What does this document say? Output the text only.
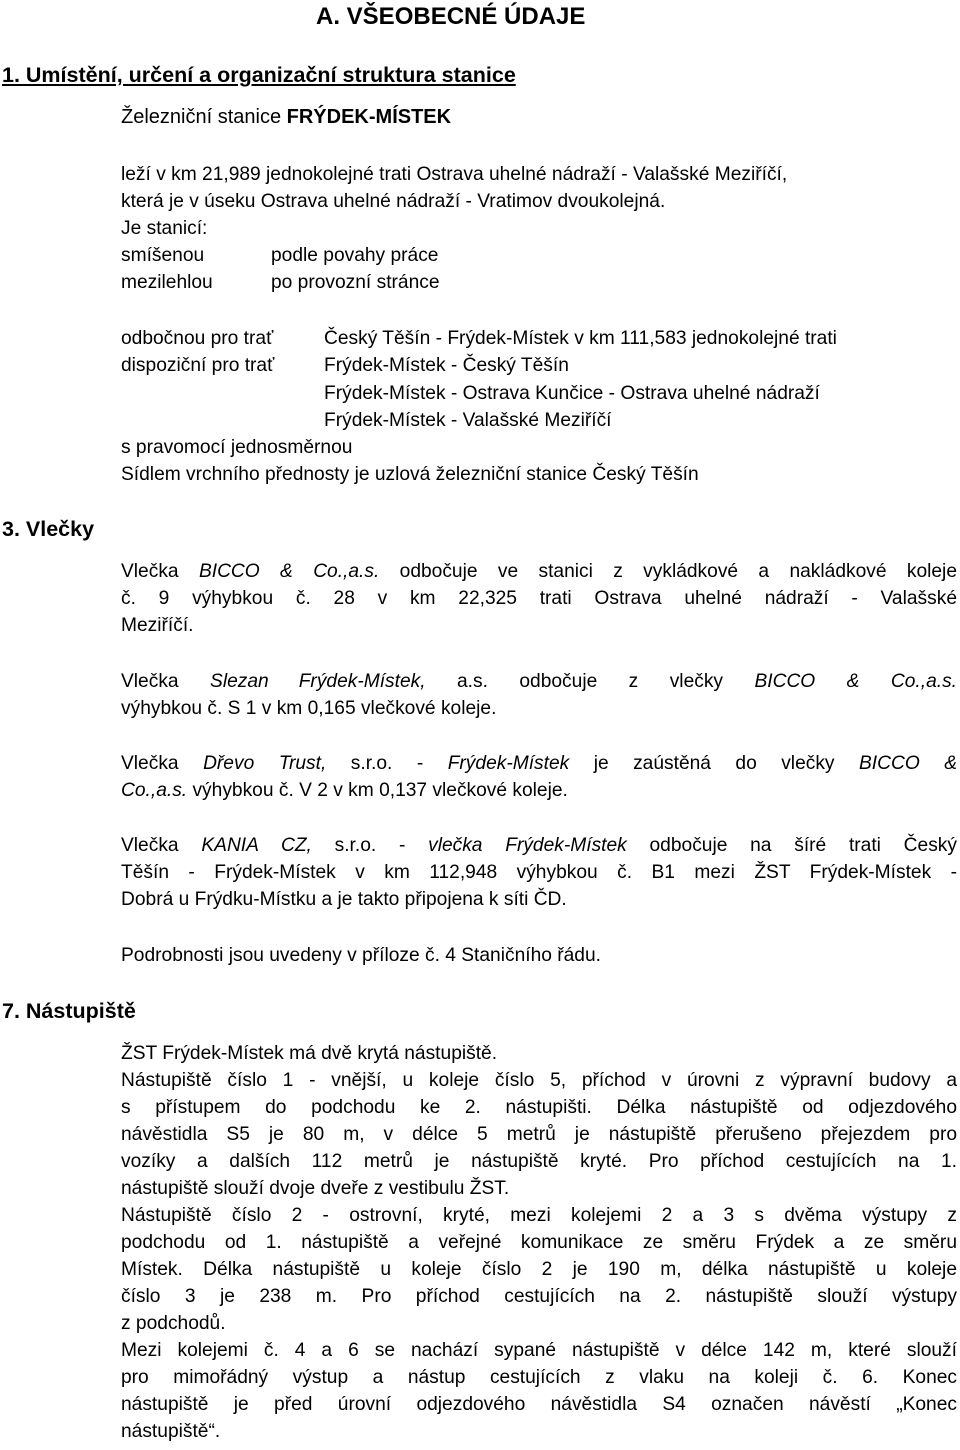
A. VŠEOBECNÉ ÚDAJE
1. Umístění, určení a organizační struktura stanice
Železniční stanice FRÝDEK-MÍSTEK
leží v km 21,989 jednokolejné trati Ostrava uhelné nádraží - Valašské Meziříčí,
která je v úseku Ostrava uhelné nádraží - Vratimov dvoukolejná.
Je stanicí:
smíšenou	podle povahy práce
mezilehlou	po provozní stránce
odbočnou pro trať	Český Těšín - Frýdek-Místek v km 111,583 jednokolejné trati
dispoziční pro trať	Frýdek-Místek - Český Těšín
Frýdek-Místek - Ostrava Kunčice - Ostrava uhelné nádraží
Frýdek-Místek - Valašské Meziříčí
s pravomocí jednosměrnou
Sídlem vrchního přednosty je uzlová železniční stanice Český Těšín
3. Vlečky
Vlečka BICCO & Co.,a.s. odbočuje ve stanici z vykládkové a nakládkové koleje
č. 9 výhybkou č. 28 v km 22,325 trati Ostrava uhelné nádraží - Valašské
Meziříčí.
Vlečka Slezan Frýdek-Místek, a.s. odbočuje z vlečky BICCO & Co.,a.s.
výhybkou č. S 1 v km 0,165 vlečkové koleje.
Vlečka Dřevo Trust, s.r.o. - Frýdek-Místek je zaústěná do vlečky BICCO &
Co.,a.s. výhybkou č. V 2 v km 0,137 vlečkové koleje.
Vlečka KANIA CZ, s.r.o. - vlečka Frýdek-Místek odbočuje na šíré trati Český
Těšín - Frýdek-Místek v km 112,948 výhybkou č. B1 mezi ŽST Frýdek-Místek -
Dobrá u Frýdku-Místku a je takto připojena k síti ČD.
Podrobnosti jsou uvedeny v příloze č. 4 Staničního řádu.
7. Nástupiště
ŽST Frýdek-Místek má dvě krytá nástupiště.
Nástupiště číslo 1 - vnější, u koleje číslo 5, příchod v úrovni z výpravní budovy a
s přístupem do podchodu ke 2. nástupišti. Délka nástupiště od odjezdového
návěstidla S5 je 80 m, v délce 5 metrů je nástupiště přerušeno přejezdem pro
vozíky a dalších 112 metrů je nástupiště kryté. Pro příchod cestujících na 1.
nástupiště slouží dvoje dveře z vestibulu ŽST.
Nástupiště číslo 2 - ostrovní, kryté, mezi kolejemi 2 a 3 s dvěma výstupy z
podchodu od 1. nástupiště a veřejné komunikace ze směru Frýdek a ze směru
Místek. Délka nástupiště u koleje číslo 2 je 190 m, délka nástupiště u koleje
číslo 3 je 238 m. Pro příchod cestujících na 2. nástupiště slouží výstupy
z podchodů.
Mezi kolejemi č. 4 a 6 se nachází sypané nástupiště v délce 142 m, které slouží
pro mimořádný výstup a nástup cestujících z vlaku na koleji č. 6. Konec
nástupiště je před úrovní odjezdového návěstidla S4 označen návěstí „Konec
nástupiště“.
